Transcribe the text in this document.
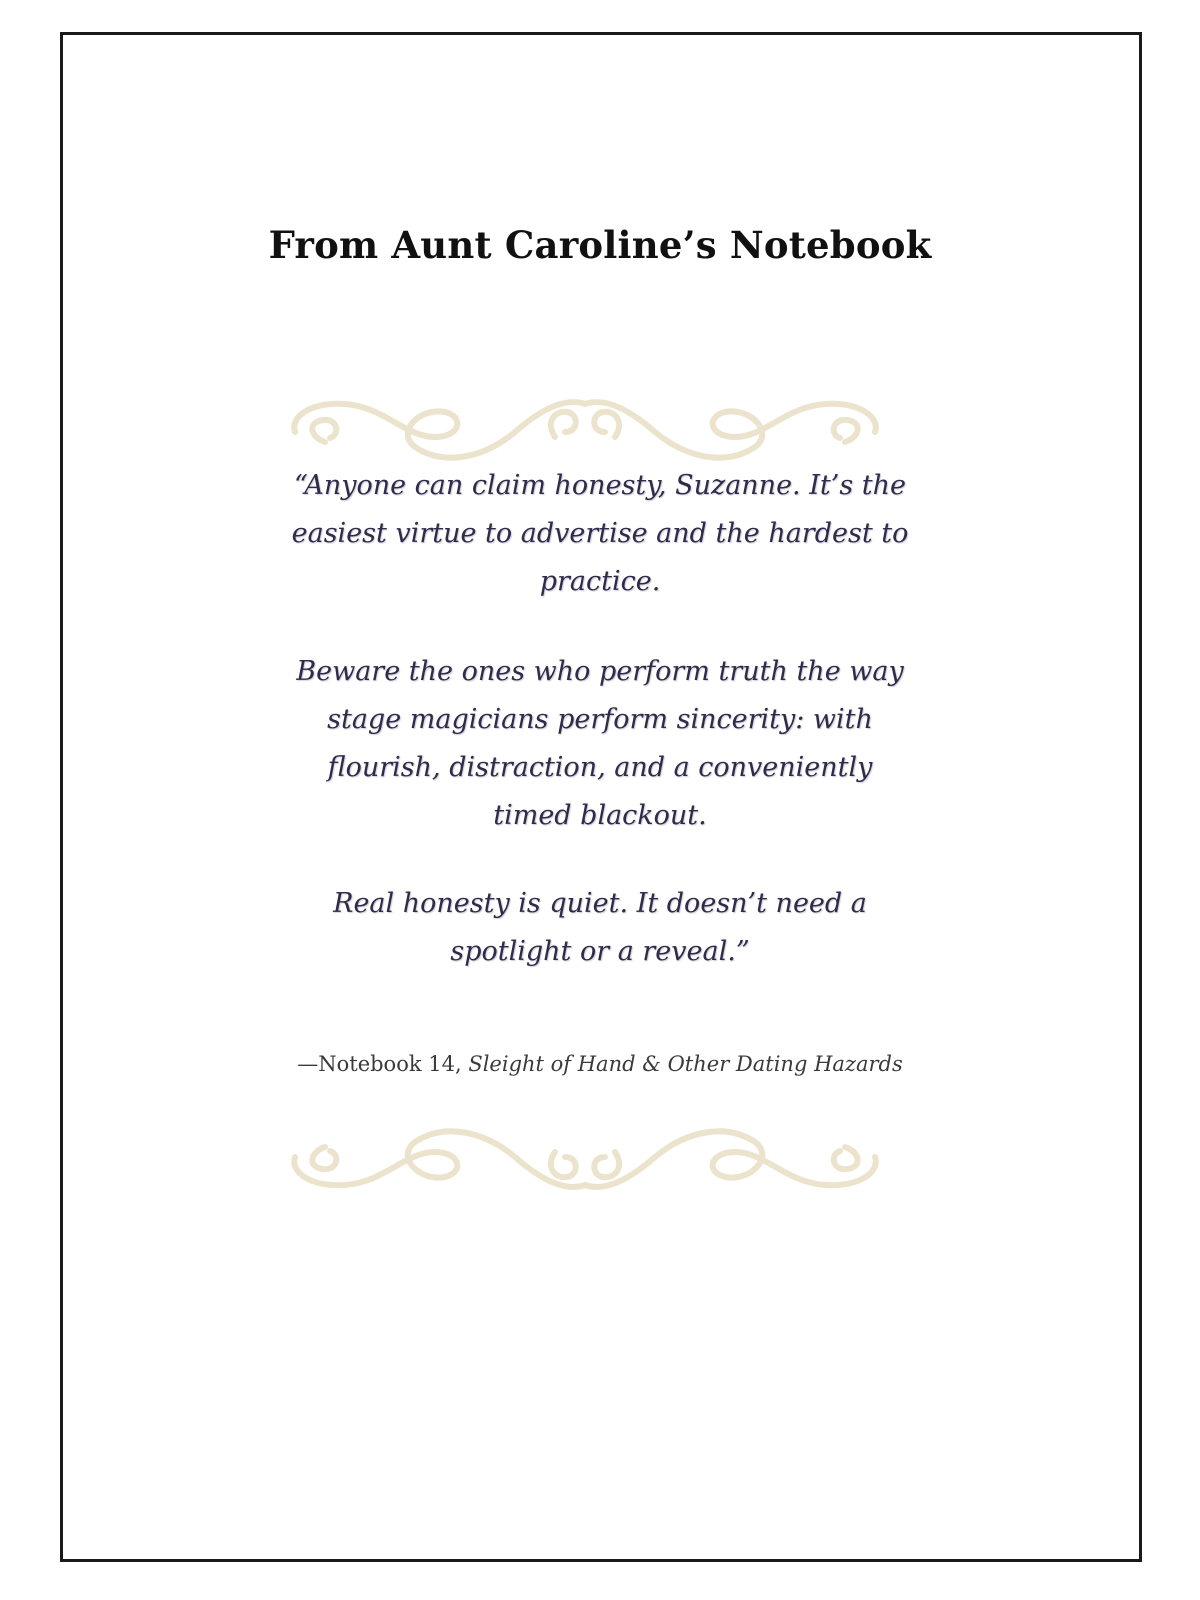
From Aunt Caroline’s Notebook

“Anyone can claim honesty, Suzanne. It’s the easiest virtue to advertise and the hardest to practice.

Beware the ones who perform truth the way stage magicians perform sincerity: with flourish, distraction, and a conveniently timed blackout.

Real honesty is quiet. It doesn’t need a spotlight or a reveal.”

—Notebook 14, Sleight of Hand & Other Dating Hazards
